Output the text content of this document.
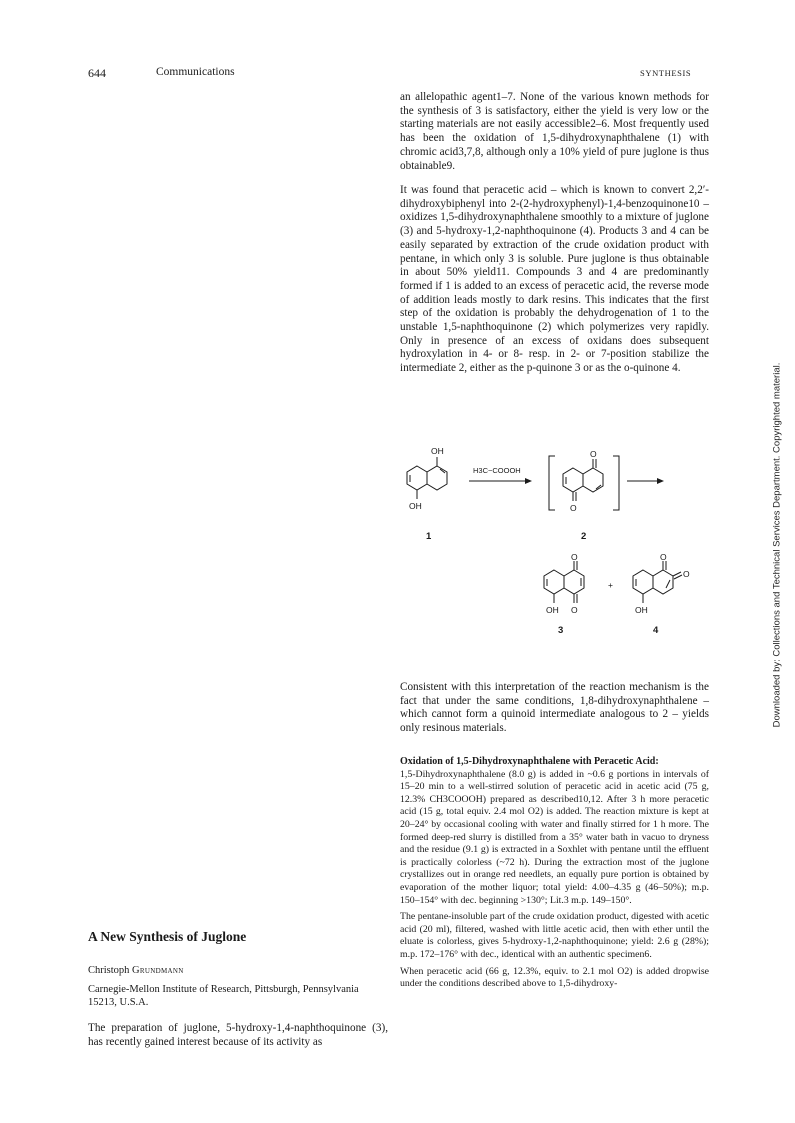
644	Communications	SYNTHESIS

an allelopathic agent1–7. None of the various known methods for the synthesis of 3 is satisfactory, either the yield is very low or the starting materials are not easily accessible2–6. Most frequently used has been the oxidation of 1,5-dihydroxynaphthalene (1) with chromic acid3,7,8, although only a 10% yield of pure juglone is thus obtainable9.

It was found that peracetic acid – which is known to convert 2,2′-dihydroxybiphenyl into 2-(2-hydroxyphenyl)-1,4-benzoquinone10 – oxidizes 1,5-dihydroxynaphthalene smoothly to a mixture of juglone (3) and 5-hydroxy-1,2-naphthoquinone (4). Products 3 and 4 can be easily separated by extraction of the crude oxidation product with pentane, in which only 3 is soluble. Pure juglone is thus obtainable in about 50% yield11. Compounds 3 and 4 are predominantly formed if 1 is added to an excess of peracetic acid, the reverse mode of addition leads mostly to dark resins. This indicates that the first step of the oxidation is probably the dehydrogenation of 1 to the unstable 1,5-naphthoquinone (2) which polymerizes very rapidly. Only in presence of an excess of oxidans does subsequent hydroxylation in 4- or 8- resp. in 2- or 7-position stabilize the intermediate 2, either as the p-quinone 3 or as the o-quinone 4.

OH
OH
H3C−COOOH
O
O
O
OH O
O
O
OH
+
1	2
3	4

Consistent with this interpretation of the reaction mechanism is the fact that under the same conditions, 1,8-dihydroxynaphthalene – which cannot form a quinoid intermediate analogous to 2 – yields only resinous materials.

Oxidation of 1,5-Dihydroxynaphthalene with Peracetic Acid:
1,5-Dihydroxynaphthalene (8.0 g) is added in ~0.6 g portions in intervals of 15–20 min to a well-stirred solution of peracetic acid in acetic acid (75 g, 12.3% CH3COOOH) prepared as described10,12. After 3 h more peracetic acid (15 g, total equiv. 2.4 mol O2) is added. The reaction mixture is kept at 20–24° by occasional cooling with water and finally stirred for 1 h more. The formed deep-red slurry is distilled from a 35° water bath in vacuo to dryness and the residue (9.1 g) is extracted in a Soxhlet with pentane until the effluent is practically colorless (~72 h). During the extraction most of the juglone crystallizes out in orange red needlets, an equally pure portion is obtained by evaporation of the mother liquor; total yield: 4.00–4.35 g (46–50%); m.p. 150–154° with dec. beginning >130°; Lit.3 m.p. 149–150°.

The pentane-insoluble part of the crude oxidation product, digested with acetic acid (20 ml), filtered, washed with little acetic acid, then with ether until the eluate is colorless, gives 5-hydroxy-1,2-naphthoquinone; yield: 2.6 g (28%); m.p. 172–176° with dec., identical with an authentic specimen6.

When peracetic acid (66 g, 12.3%, equiv. to 2.1 mol O2) is added dropwise under the conditions described above to 1,5-dihydroxy-

Downloaded by: Collections and Technical Services Department. Copyrighted material.
A New Synthesis of Juglone
Christoph Grundmann
Carnegie-Mellon Institute of Research, Pittsburgh, Pennsylvania 15213, U.S.A.

The preparation of juglone, 5-hydroxy-1,4-naphthoquinone (3), has recently gained interest because of its activity as
